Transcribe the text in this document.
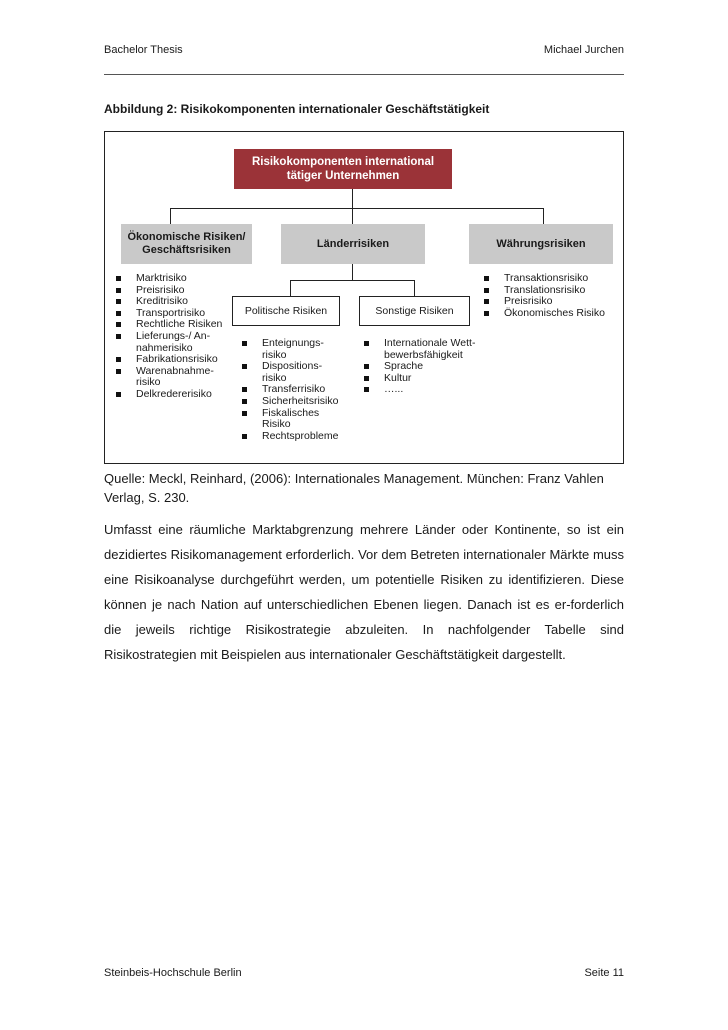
Bachelor Thesis	Michael Jurchen
Abbildung 2: Risikokomponenten internationaler Geschäftstätigkeit
Risikokomponenten international tätiger Unternehmen
Ökonomische Risiken/ Geschäftsrisiken
Länderrisiken	Währungsrisiken
Politische Risiken	Sonstige Risiken
Marktrisiko
Preisrisiko
Kreditrisiko
Transportrisiko
Rechtliche Risiken
Lieferungs-/ An-nahmerisiko
Fabrikationsrisiko
Warenabnahme-risiko
Delkredererisiko
Transaktionsrisiko
Translationsrisiko
Preisrisiko
Ökonomisches Risiko
Enteignungs-risiko
Dispositions-risiko
Transferrisiko
Sicherheitsrisiko
Fiskalisches Risiko
Rechtsprobleme
Internationale Wett-bewerbsfähigkeit
Sprache
Kultur
…...
Quelle: Meckl, Reinhard, (2006): Internationales Management. München: Franz Vahlen Verlag, S. 230.

Umfasst eine räumliche Marktabgrenzung mehrere Länder oder Kontinente, so ist ein dezidiertes Risikomanagement erforderlich. Vor dem Betreten internationaler Märkte muss eine Risikoanalyse durchgeführt werden, um potentielle Risiken zu identifizieren. Diese können je nach Nation auf unterschiedlichen Ebenen liegen. Danach ist es er-forderlich die jeweils richtige Risikostrategie abzuleiten. In nachfolgender Tabelle sind Risikostrategien mit Beispielen aus internationaler Geschäftstätigkeit dargestellt.

Steinbeis-Hochschule Berlin	Seite 11
